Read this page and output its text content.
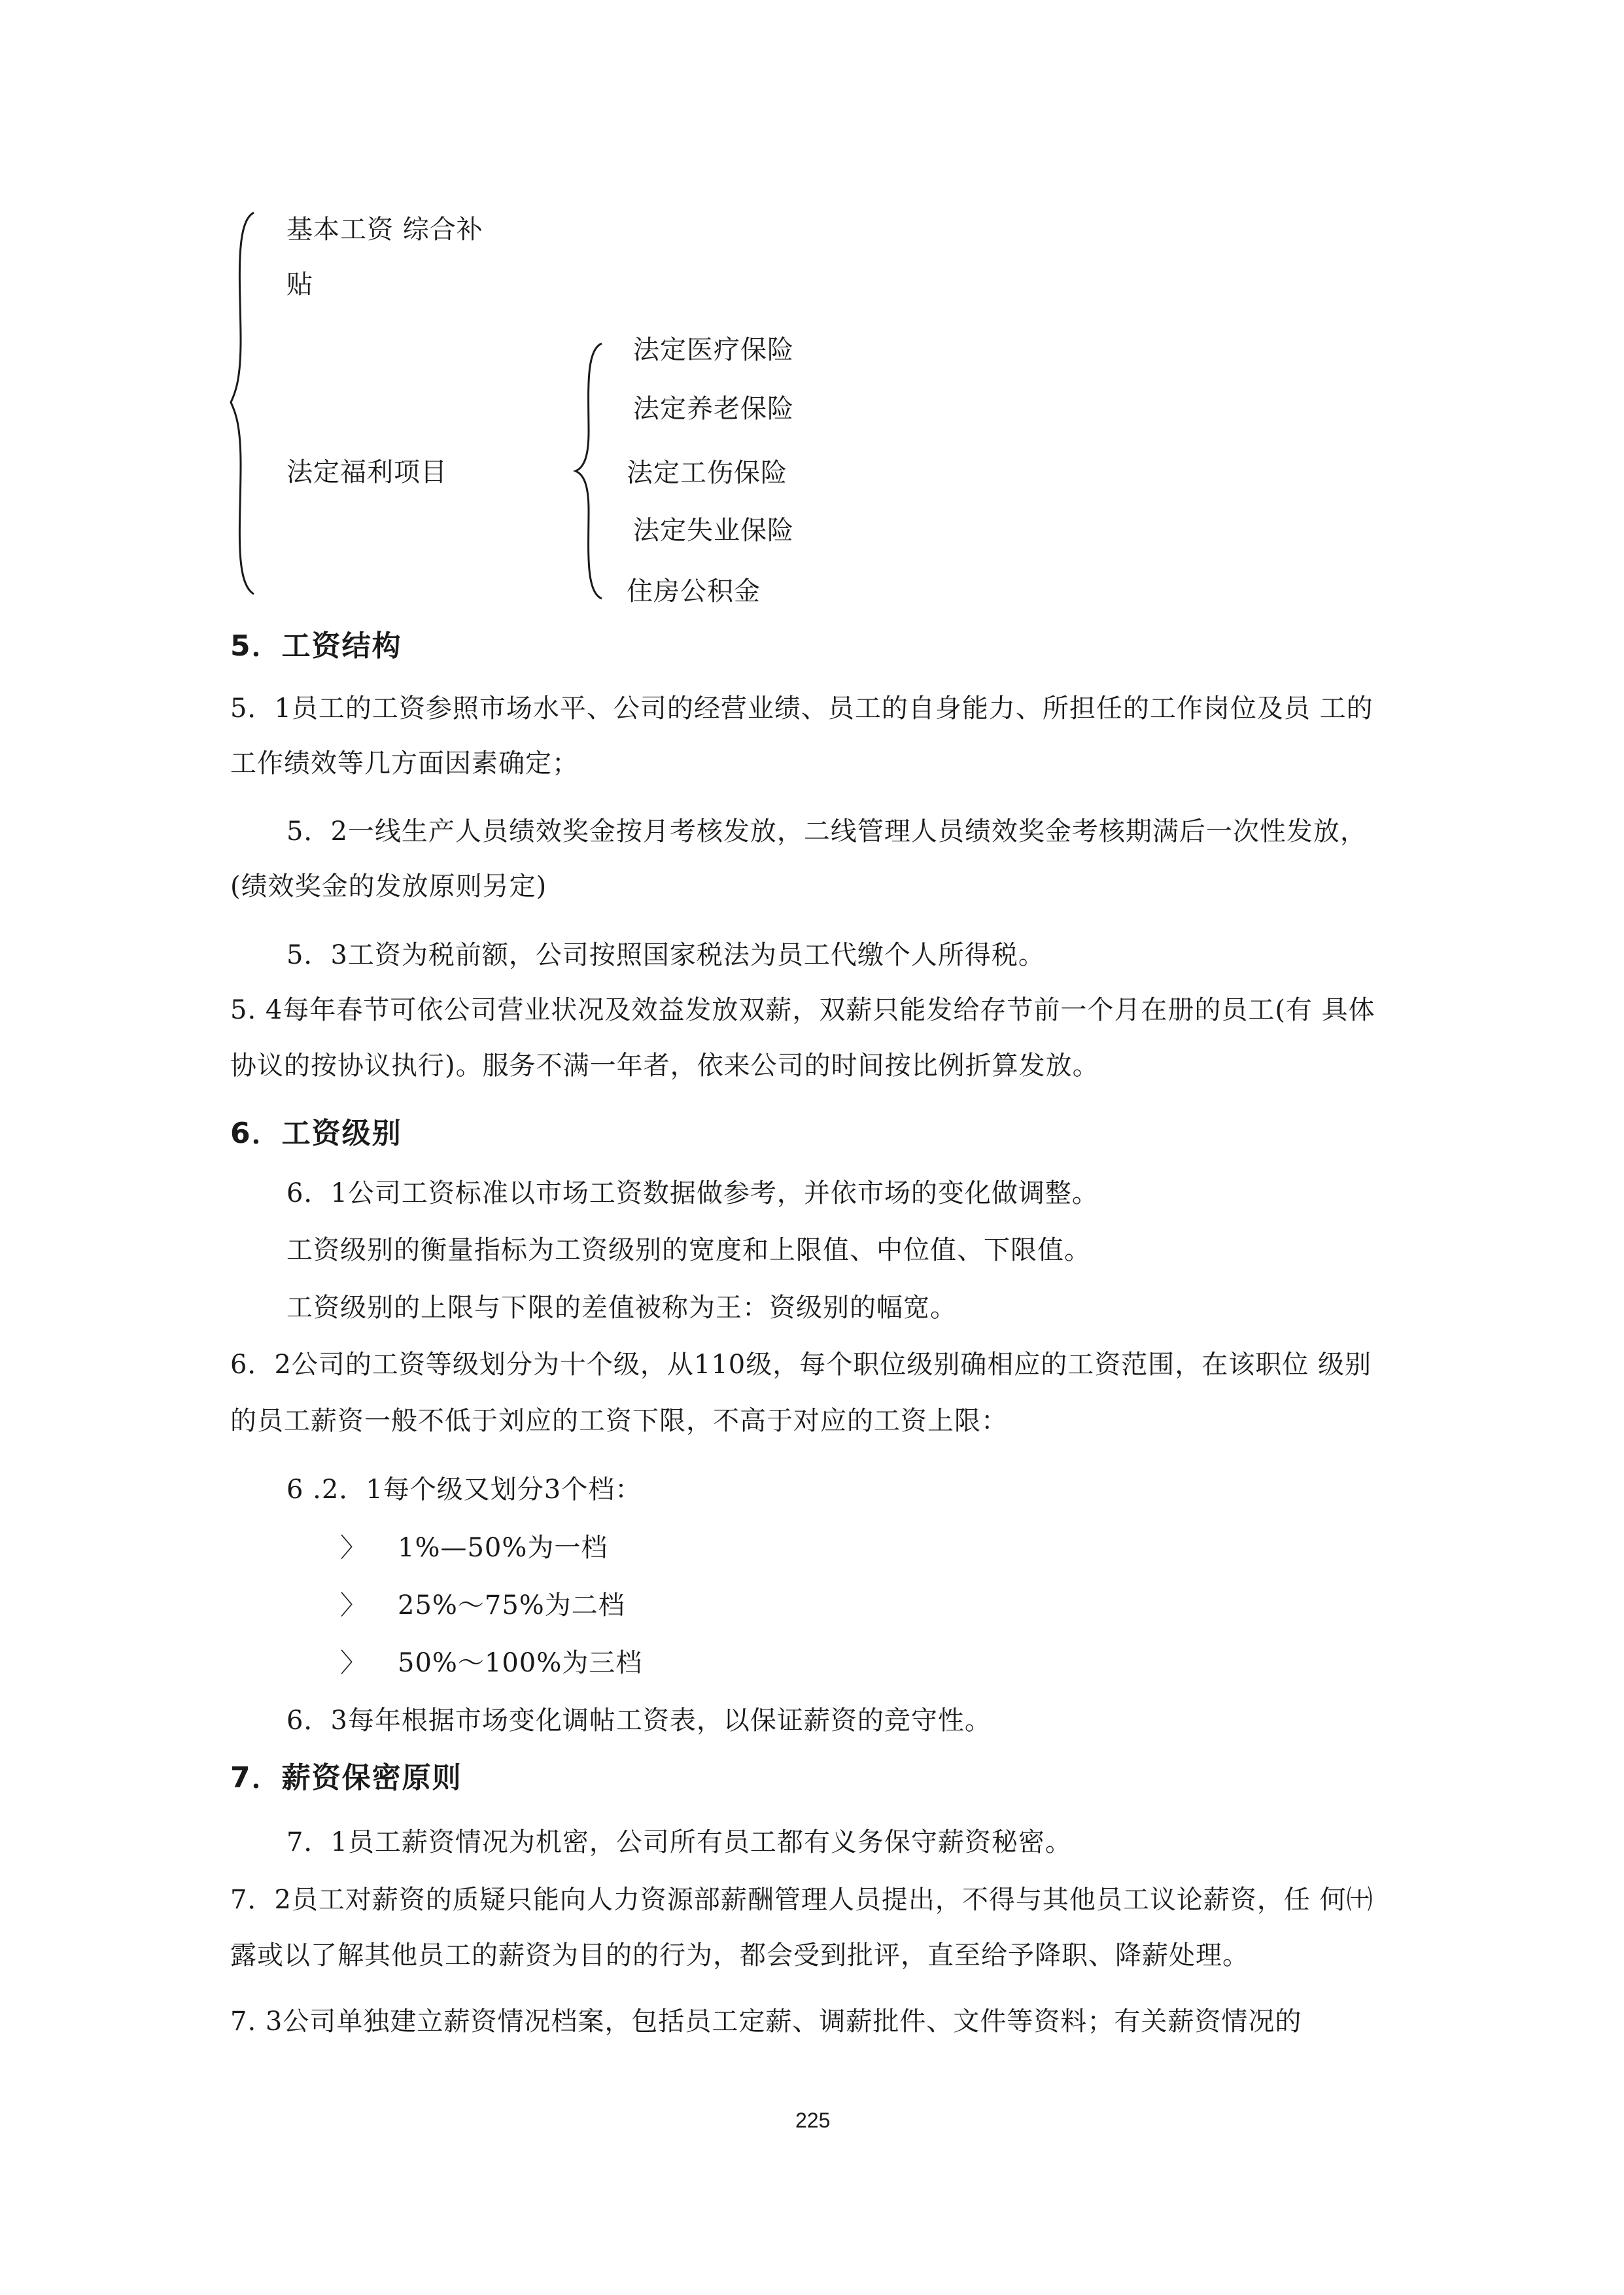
基本工资 综合补
贴
法定福利项目
法定医疗保险
法定养老保险
法定工伤保险
法定失业保险
住房公积金
5．工资结构
5．1员工的工资参照市场水平、公司的经营业绩、员工的自身能力、所担任的工作岗位及员 工的
工作绩效等几方面因素确定；
5．2一线生产人员绩效奖金按月考核发放，二线管理人员绩效奖金考核期满后一次性发放，
(绩效奖金的发放原则另定)
5．3工资为税前额，公司按照国家税法为员工代缴个人所得税。
5. 4每年春节可依公司营业状况及效益发放双薪，双薪只能发给存节前一个月在册的员工(有 具体
协议的按协议执行)。服务不满一年者，依来公司的时间按比例折算发放。
6．工资级别
6．1公司工资标准以市场工资数据做参考，并依市场的变化做调整。
工资级别的衡量指标为工资级别的宽度和上限值、中位值、下限值。
工资级别的上限与下限的差值被称为王：资级别的幅宽。
6．2公司的工资等级划分为十个级，从110级，每个职位级别确相应的工资范围，在该职位 级别
的员工薪资一般不低于刘应的工资下限，不高于对应的工资上限：
6 .2．1每个级又划分3个档：
〉 1%—50%为一档
〉 25%～75%为二档
〉 50%～100%为三档
6．3每年根据市场变化调帖工资表，以保证薪资的竞守性。
7．薪资保密原则
7．1员工薪资情况为机密，公司所有员工都有义务保守薪资秘密。
7．2员工对薪资的质疑只能向人力资源部薪酬管理人员提出，不得与其他员工议论薪资，任 何㈩
露或以了解其他员工的薪资为目的的行为，都会受到批评，直至给予降职、降薪处理。
7. 3公司单独建立薪资情况档案，包括员工定薪、调薪批件、文件等资料；有关薪资情况的
225
